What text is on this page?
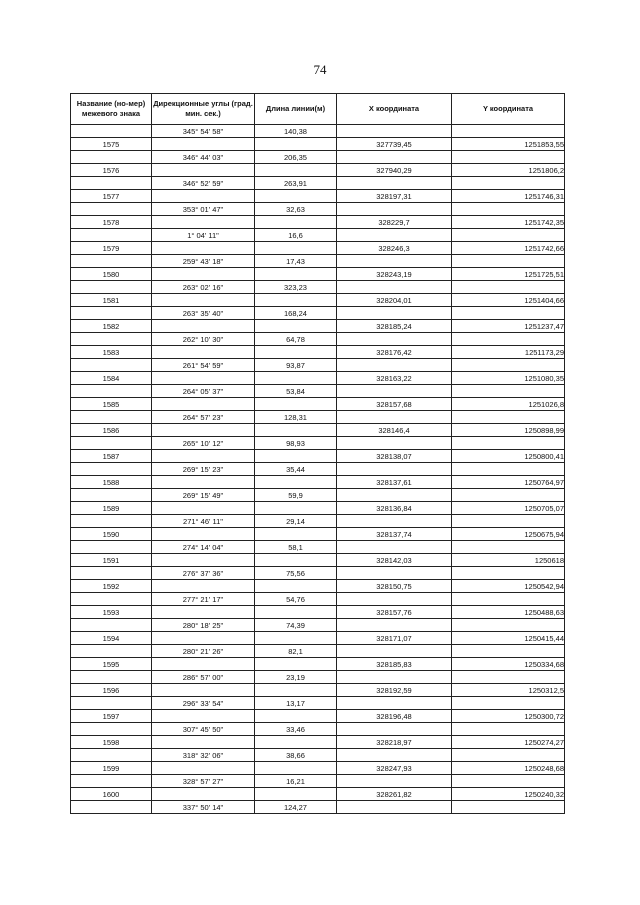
74
Название (но-мер) межевого знака	Дирекционные углы (град. мин. сек.)	Длина линии(м)	X координата	Y координата
	345° 54' 58"	140,38		
1575			327739,45	1251853,55
	346° 44' 03"	206,35		
1576			327940,29	1251806,2
	346° 52' 59"	263,91		
1577			328197,31	1251746,31
	353° 01' 47"	32,63		
1578			328229,7	1251742,35
	1° 04' 11"	16,6		
1579			328246,3	1251742,66
	259° 43' 18"	17,43		
1580			328243,19	1251725,51
	263° 02' 16"	323,23		
1581			328204,01	1251404,66
	263° 35' 40"	168,24		
1582			328185,24	1251237,47
	262° 10' 30"	64,78		
1583			328176,42	1251173,29
	261° 54' 59"	93,87		
1584			328163,22	1251080,35
	264° 05' 37"	53,84		
1585			328157,68	1251026,8
	264° 57' 23"	128,31		
1586			328146,4	1250898,99
	265° 10' 12"	98,93		
1587			328138,07	1250800,41
	269° 15' 23"	35,44		
1588			328137,61	1250764,97
	269° 15' 49"	59,9		
1589			328136,84	1250705,07
	271° 46' 11"	29,14		
1590			328137,74	1250675,94
	274° 14' 04"	58,1		
1591			328142,03	1250618
	276° 37' 36"	75,56		
1592			328150,75	1250542,94
	277° 21' 17"	54,76		
1593			328157,76	1250488,63
	280° 18' 25"	74,39		
1594			328171,07	1250415,44
	280° 21' 26"	82,1		
1595			328185,83	1250334,68
	286° 57' 00"	23,19		
1596			328192,59	1250312,5
	296° 33' 54"	13,17		
1597			328196,48	1250300,72
	307° 45' 50"	33,46		
1598			328218,97	1250274,27
	318° 32' 06"	38,66		
1599			328247,93	1250248,68
	328° 57' 27"	16,21		
1600			328261,82	1250240,32
	337° 50' 14"	124,27		
